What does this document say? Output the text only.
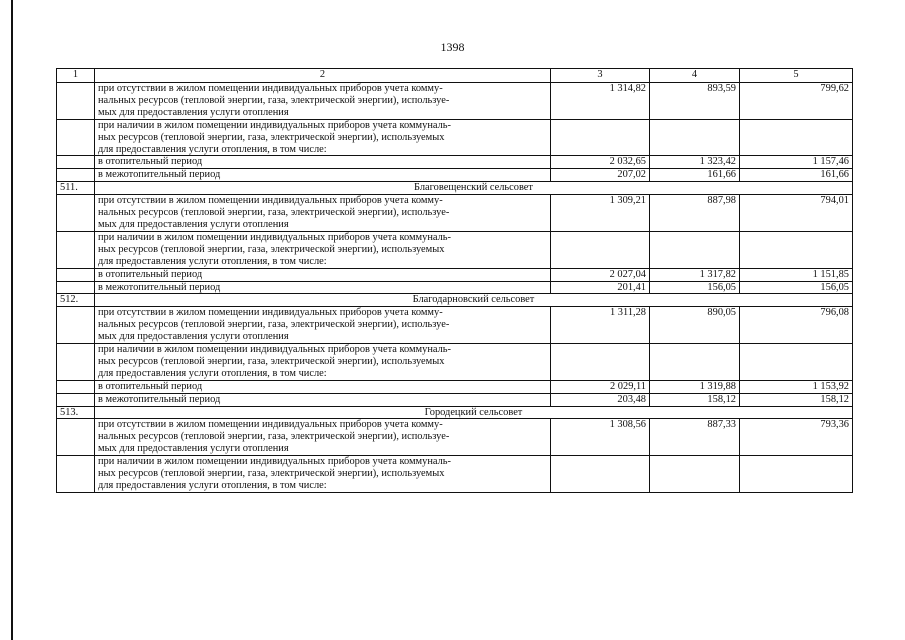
1398
1	2	3	4	5

	при отсутствии в жилом помещении индивидуальных приборов учета комму-
нальных ресурсов (тепловой энергии, газа, электрической энергии), используе-
мых для предоставления услуги отопления	1 314,82	893,59	799,62

	при наличии в жилом помещении индивидуальных приборов учета коммуналь-
ных ресурсов (тепловой энергии, газа, электрической энергии), используемых
для предоставления услуги отопления, в том числе:			

	в отопительный период	2 032,65	1 323,42	1 157,46

	в межотопительный период	207,02	161,66	161,66
511.	Благовещенский сельсовет			

	при отсутствии в жилом помещении индивидуальных приборов учета комму-
нальных ресурсов (тепловой энергии, газа, электрической энергии), используе-
мых для предоставления услуги отопления	1 309,21	887,98	794,01

	при наличии в жилом помещении индивидуальных приборов учета коммуналь-
ных ресурсов (тепловой энергии, газа, электрической энергии), используемых
для предоставления услуги отопления, в том числе:			

	в отопительный период	2 027,04	1 317,82	1 151,85

	в межотопительный период	201,41	156,05	156,05
512.	Благодарновский сельсовет			

	при отсутствии в жилом помещении индивидуальных приборов учета комму-
нальных ресурсов (тепловой энергии, газа, электрической энергии), используе-
мых для предоставления услуги отопления	1 311,28	890,05	796,08

	при наличии в жилом помещении индивидуальных приборов учета коммуналь-
ных ресурсов (тепловой энергии, газа, электрической энергии), используемых
для предоставления услуги отопления, в том числе:			

	в отопительный период	2 029,11	1 319,88	1 153,92

	в межотопительный период	203,48	158,12	158,12
513.	Городецкий сельсовет			

	при отсутствии в жилом помещении индивидуальных приборов учета комму-
нальных ресурсов (тепловой энергии, газа, электрической энергии), используе-
мых для предоставления услуги отопления	1 308,56	887,33	793,36

	при наличии в жилом помещении индивидуальных приборов учета коммуналь-
ных ресурсов (тепловой энергии, газа, электрической энергии), используемых
для предоставления услуги отопления, в том числе:			
